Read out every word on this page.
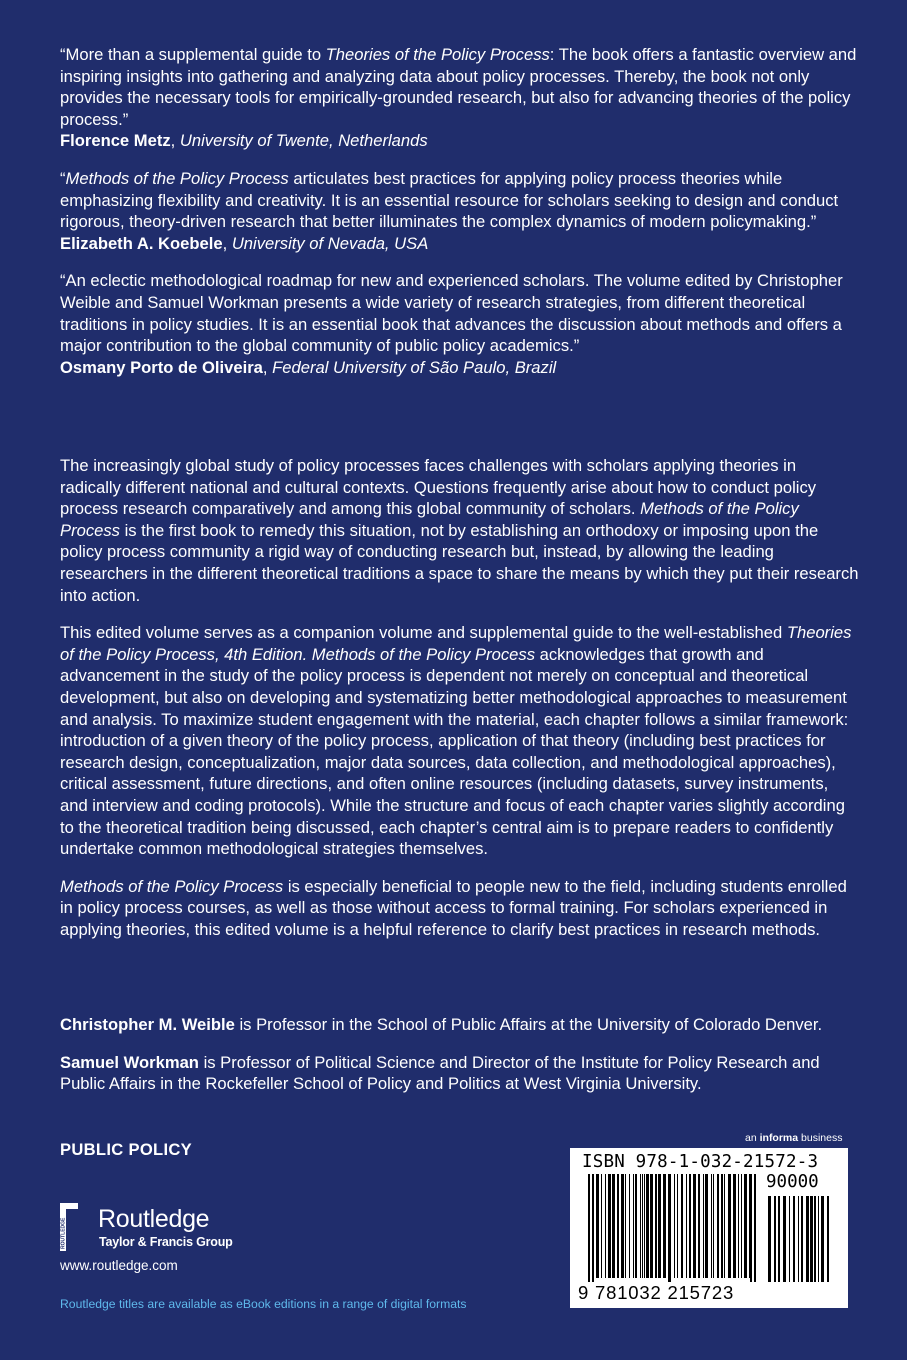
“More than a supplemental guide to Theories of the Policy Process: The book offers a fantastic overview and inspiring insights into gathering and analyzing data about policy processes. Thereby, the book not only provides the necessary tools for empirically-grounded research, but also for advancing theories of the policy process.”
Florence Metz, University of Twente, Netherlands

“Methods of the Policy Process articulates best practices for applying policy process theories while emphasizing flexibility and creativity. It is an essential resource for scholars seeking to design and conduct rigorous, theory-driven research that better illuminates the complex dynamics of modern policymaking.”
Elizabeth A. Koebele, University of Nevada, USA

“An eclectic methodological roadmap for new and experienced scholars. The volume edited by Christopher Weible and Samuel Workman presents a wide variety of research strategies, from different theoretical traditions in policy studies. It is an essential book that advances the discussion about methods and offers a major contribution to the global community of public policy academics.”
Osmany Porto de Oliveira, Federal University of São Paulo, Brazil

The increasingly global study of policy processes faces challenges with scholars applying theories in radically different national and cultural contexts. Questions frequently arise about how to conduct policy process research comparatively and among this global community of scholars. Methods of the Policy Process is the first book to remedy this situation, not by establishing an orthodoxy or imposing upon the policy process community a rigid way of conducting research but, instead, by allowing the leading researchers in the different theoretical traditions a space to share the means by which they put their research into action.

This edited volume serves as a companion volume and supplemental guide to the well-established Theories of the Policy Process, 4th Edition. Methods of the Policy Process acknowledges that growth and advancement in the study of the policy process is dependent not merely on conceptual and theoretical development, but also on developing and systematizing better methodological approaches to measurement and analysis. To maximize student engagement with the material, each chapter follows a similar framework: introduction of a given theory of the policy process, application of that theory (including best practices for research design, conceptualization, major data sources, data collection, and methodological approaches), critical assessment, future directions, and often online resources (including datasets, survey instruments, and interview and coding protocols). While the structure and focus of each chapter varies slightly according to the theoretical tradition being discussed, each chapter’s central aim is to prepare readers to confidently undertake common methodological strategies themselves.

Methods of the Policy Process is especially beneficial to people new to the field, including students enrolled in policy process courses, as well as those without access to formal training. For scholars experienced in applying theories, this edited volume is a helpful reference to clarify best practices in research methods.

Christopher M. Weible is Professor in the School of Public Affairs at the University of Colorado Denver.

Samuel Workman is Professor of Political Science and Director of the Institute for Policy Research and Public Affairs in the Rockefeller School of Policy and Politics at West Virginia University.

PUBLIC POLICY
ROUTLEDGE Routledge
Taylor & Francis Group
www.routledge.com
Routledge titles are available as eBook editions in a range of digital formats
an informa business
ISBN 978-1-032-21572-3
90000
9 781032 215723
